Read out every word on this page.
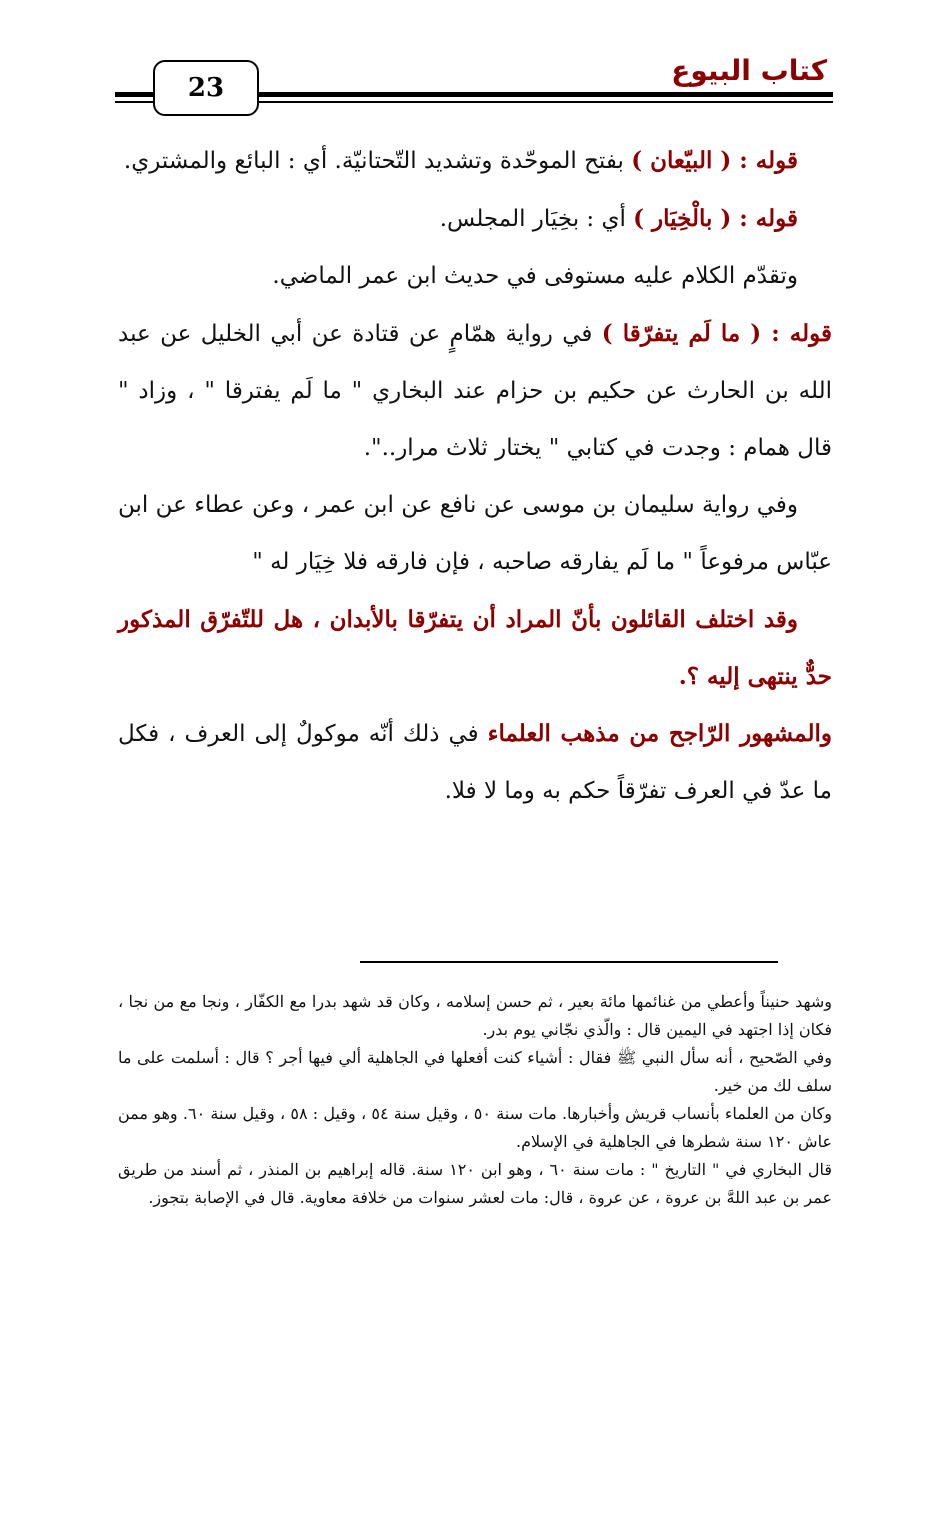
كتاب البيوع
23

قوله : ( البيّعان ) بفتح الموحّدة وتشديد التّحتانيّة. أي : البائع والمشتري.

قوله : ( بالْخِيَار ) أي : بخِيَار المجلس.

وتقدّم الكلام عليه مستوفى في حديث ابن عمر الماضي.

قوله : ( ما لَم يتفرّقا ) في رواية همّامٍ عن قتادة عن أبي الخليل عن عبد الله بن الحارث عن حكيم بن حزام عند البخاري " ما لَم يفترقا " ، وزاد " قال همام : وجدت في كتابي " يختار ثلاث مرار..".

وفي رواية سليمان بن موسى عن نافع عن ابن عمر ، وعن عطاء عن ابن عبّاس مرفوعاً " ما لَم يفارقه صاحبه ، فإن فارقه فلا خِيَار له "

وقد اختلف القائلون بأنّ المراد أن يتفرّقا بالأبدان ، هل للتّفرّق المذكور حدٌّ ينتهى إليه ؟.

والمشهور الرّاجح من مذهب العلماء في ذلك أنّه موكولٌ إلى العرف ، فكل ما عدّ في العرف تفرّقاً حكم به وما لا فلا.

وشهد حنيناً وأعطي من غنائمها مائة بعير ، ثم حسن إسلامه ، وكان قد شهد بدرا مع الكفّار ، ونجا مع من نجا ، فكان إذا اجتهد في اليمين قال : والّذي نجّاني يوم بدر.

وفي الصّحيح ، أنه سأل النبي ﷺ فقال : أشياء كنت أفعلها في الجاهلية ألي فيها أجر ؟ قال : أسلمت على ما سلف لك من خير.

وكان من العلماء بأنساب قريش وأخبارها. مات سنة ٥٠ ، وقيل سنة ٥٤ ، وقيل : ٥٨ ، وقيل سنة ٦٠. وهو ممن عاش ١٢٠ سنة شطرها في الجاهلية في الإسلام.

قال البخاري في " التاريخ " : مات سنة ٦٠ ، وهو ابن ١٢٠ سنة. قاله إبراهيم بن المنذر ، ثم أسند من طريق عمر بن عبد اللهَّ بن عروة ، عن عروة ، قال: مات لعشر سنوات من خلافة معاوية. قال في الإصابة بتجوز.
